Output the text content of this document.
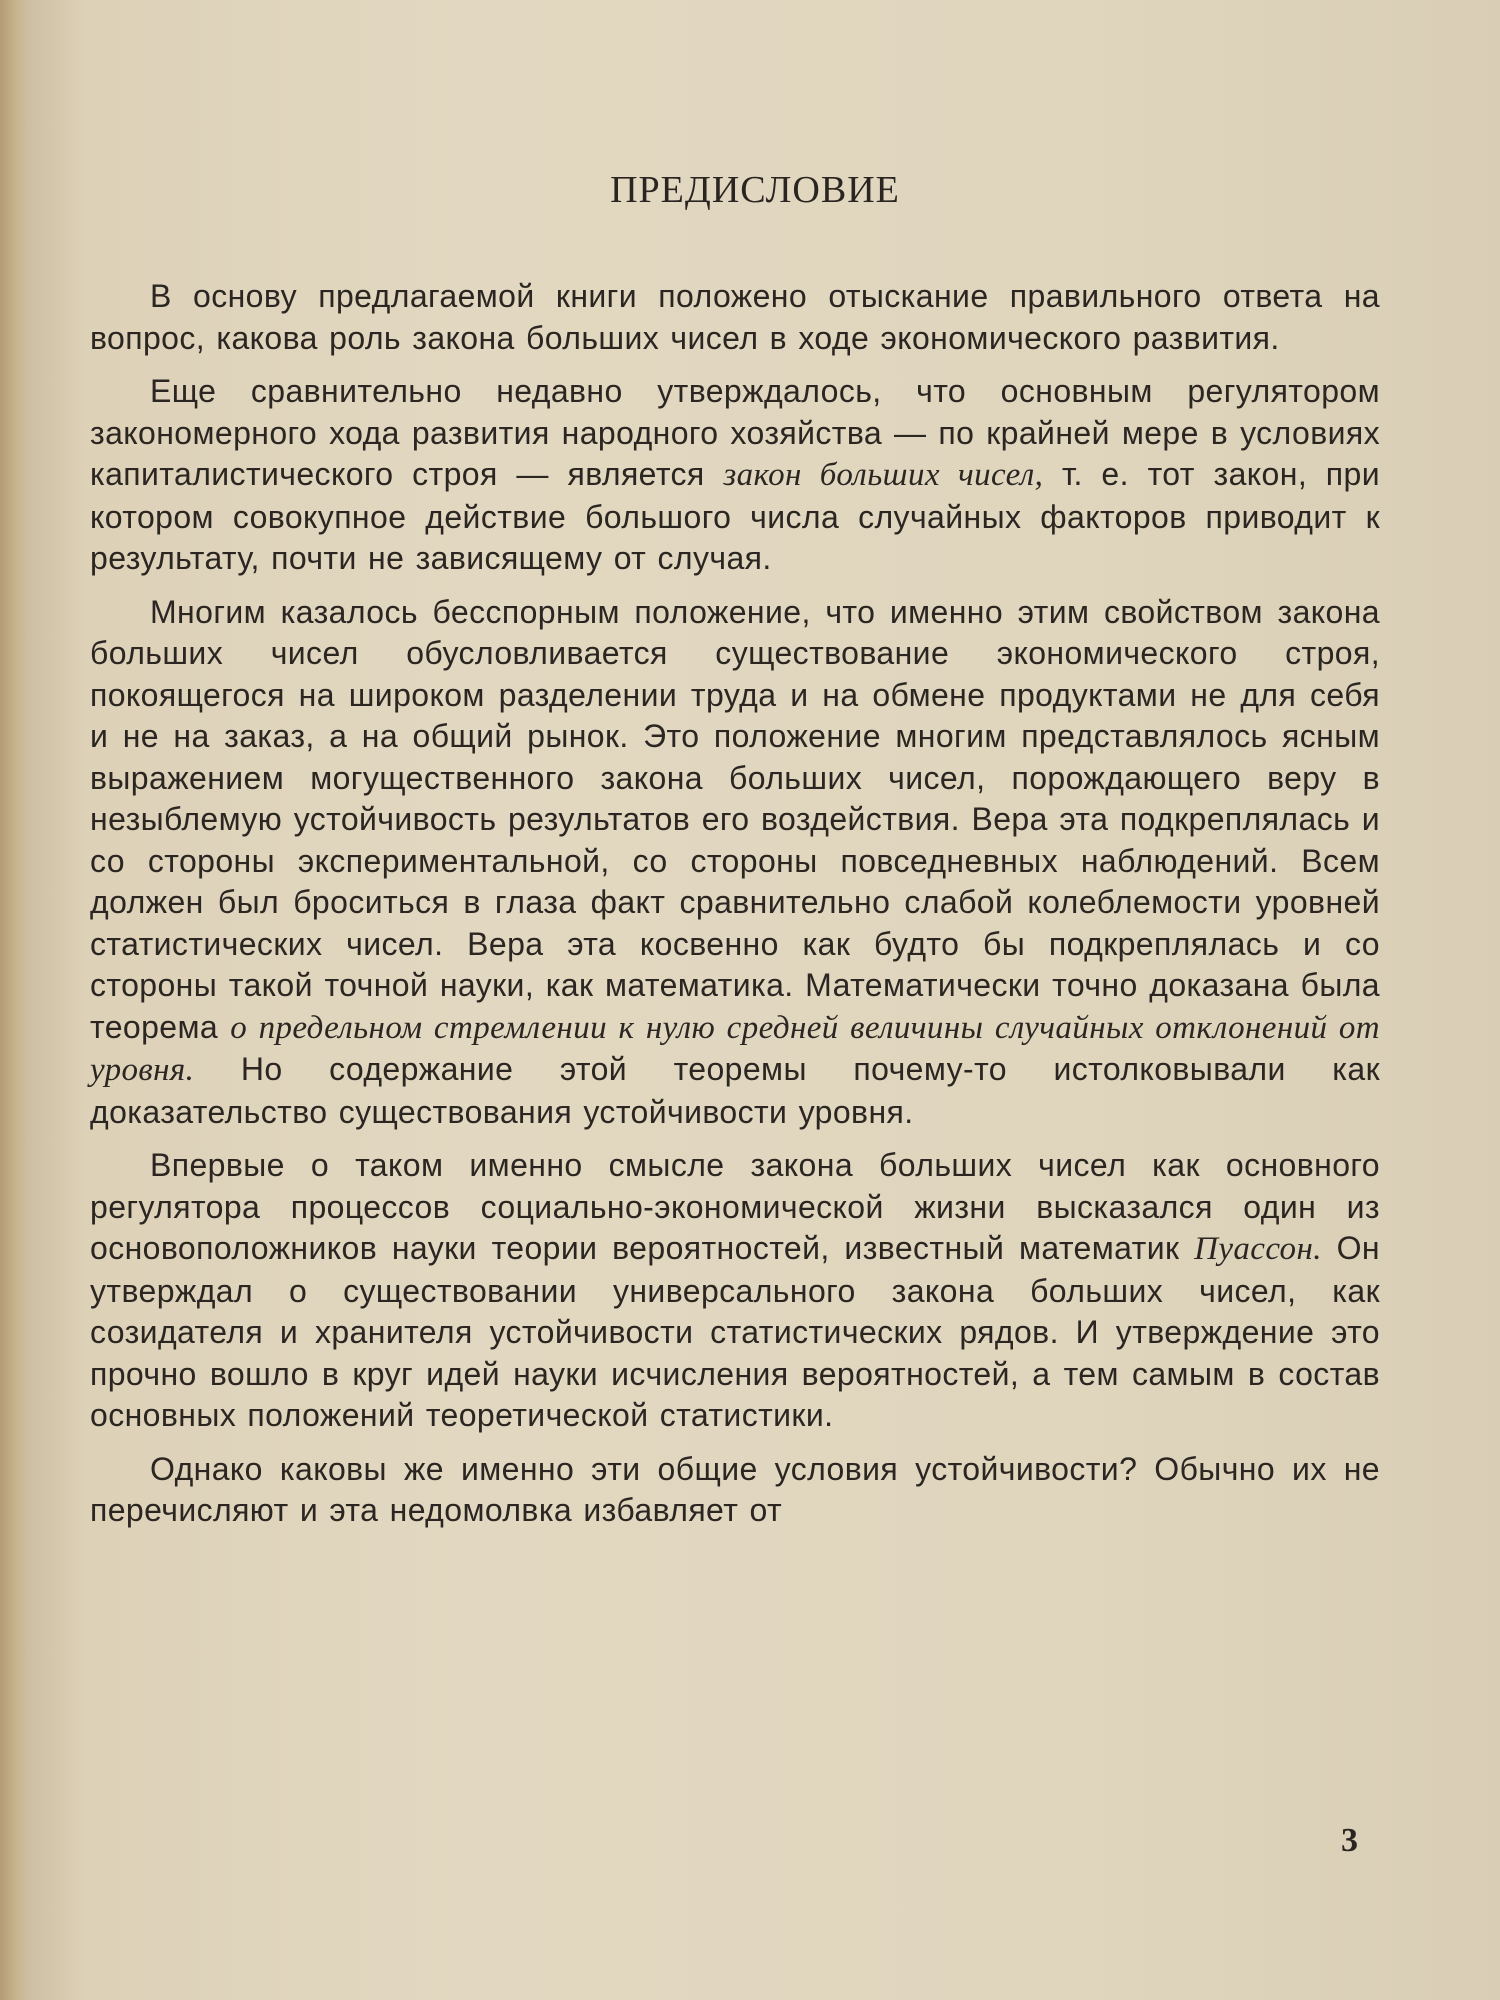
ПРЕДИСЛОВИЕ

В основу предлагаемой книги положено отыскание правильного ответа на вопрос, какова роль закона больших чисел в ходе экономического развития.

Еще сравнительно недавно утверждалось, что основным регулятором закономерного хода развития народного хозяйства — по крайней мере в условиях капиталистического строя — является закон больших чисел, т. е. тот закон, при котором совокупное действие большого числа случайных факторов приводит к результату, почти не зависящему от случая.

Многим казалось бесспорным положение, что именно этим свойством закона больших чисел обусловливается существование экономического строя, покоящегося на широком разделении труда и на обмене продуктами не для себя и не на заказ, а на общий рынок. Это положение многим представлялось ясным выражением могущественного закона больших чисел, порождающего веру в незыблемую устойчивость результатов его воздействия. Вера эта подкреплялась и со стороны экспериментальной, со стороны повседневных наблюдений. Всем должен был броситься в глаза факт сравнительно слабой колеблемости уровней статистических чисел. Вера эта косвенно как будто бы подкреплялась и со стороны такой точной науки, как математика. Математически точно доказана была теорема о предельном стремлении к нулю средней величины случайных отклонений от уровня. Но содержание этой теоремы почему-то истолковывали как доказательство существования устойчивости уровня.

Впервые о таком именно смысле закона больших чисел как основного регулятора процессов социально-экономической жизни высказался один из основоположников науки теории вероятностей, известный математик Пуассон. Он утверждал о существовании универсального закона больших чисел, как созидателя и хранителя устойчивости статистических рядов. И утверждение это прочно вошло в круг идей науки исчисления вероятностей, а тем самым в состав основных положений теоретической статистики.

Однако каковы же именно эти общие условия устойчивости? Обычно их не перечисляют и эта недомолвка избавляет от

3
